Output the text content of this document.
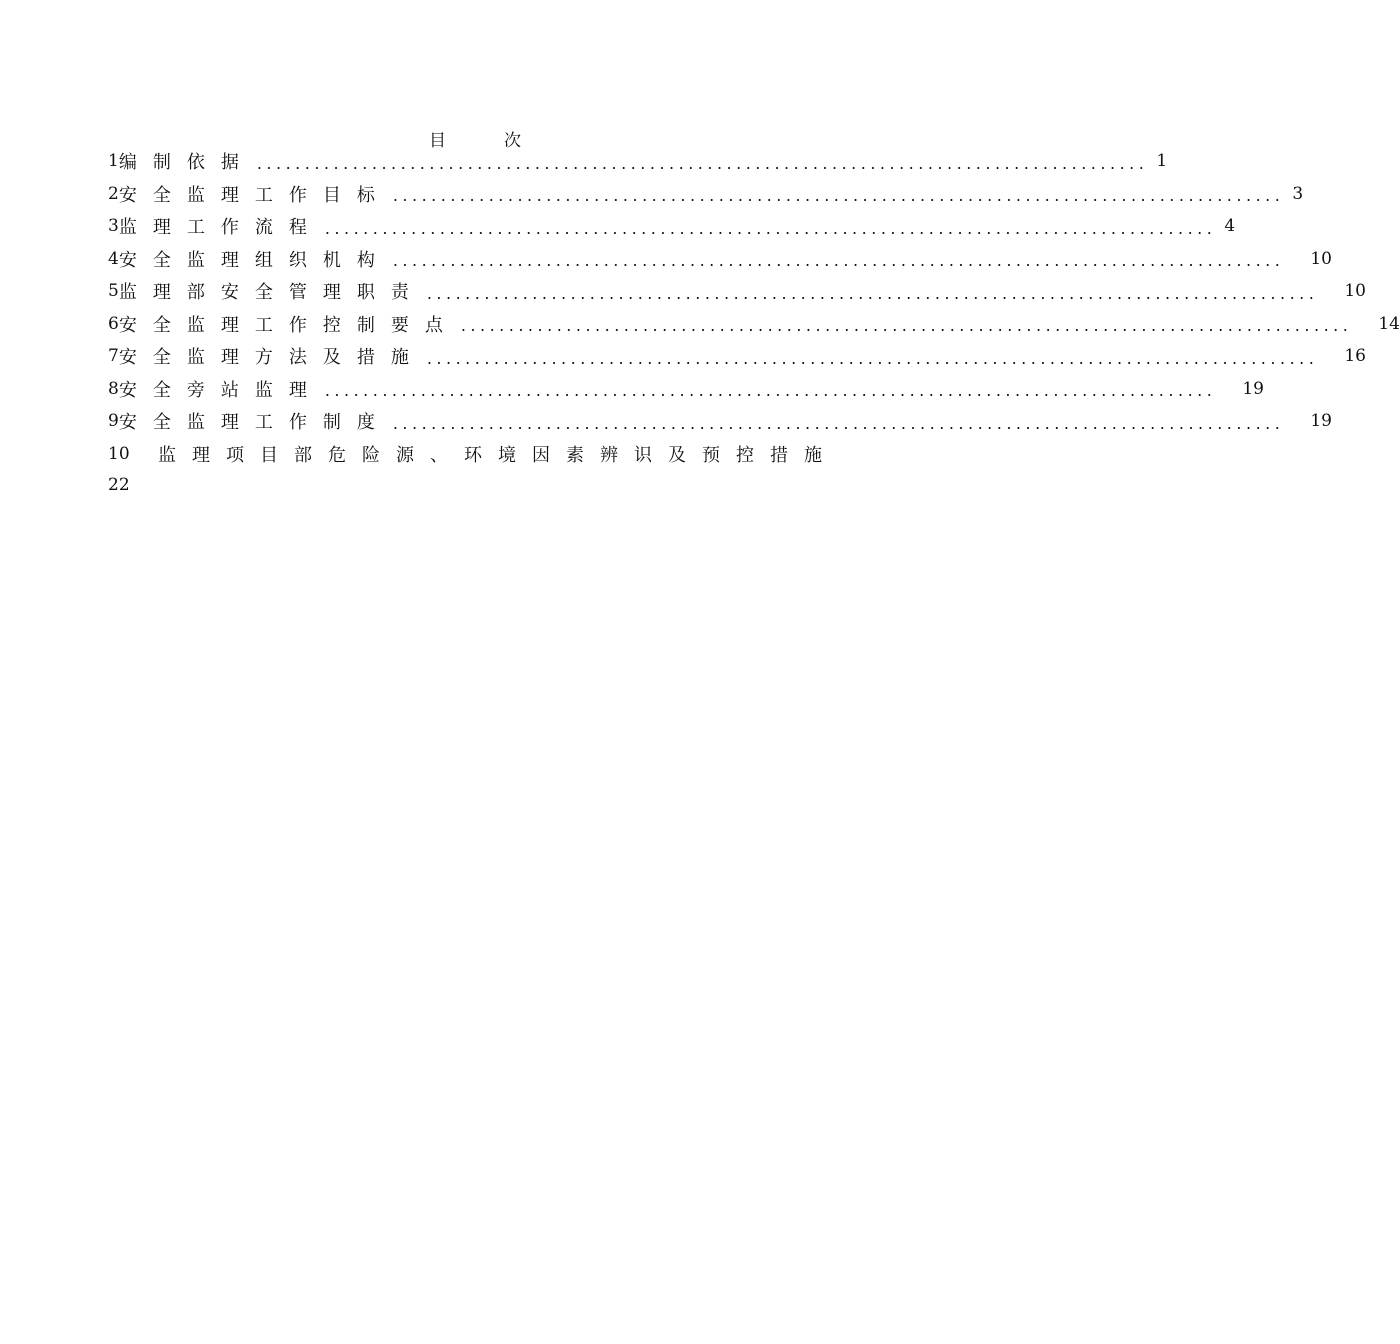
目次
1 编制依据 ............................................................................................. 1
2 安全监理工作目标 ............................................................................................. 3
3 监理工作流程 ............................................................................................. 4
4 安全监理组织机构 .............................................................................................	10
5 监理部安全管理职责 .............................................................................................	10
6 安全监理工作控制要点 .............................................................................................	14
7 安全监理方法及措施 .............................................................................................	16
8 安全旁站监理 .............................................................................................	19
9 安全监理工作制度 .............................................................................................	19
10	监理项目部危险源、环境因素辨识及预控措施
22
